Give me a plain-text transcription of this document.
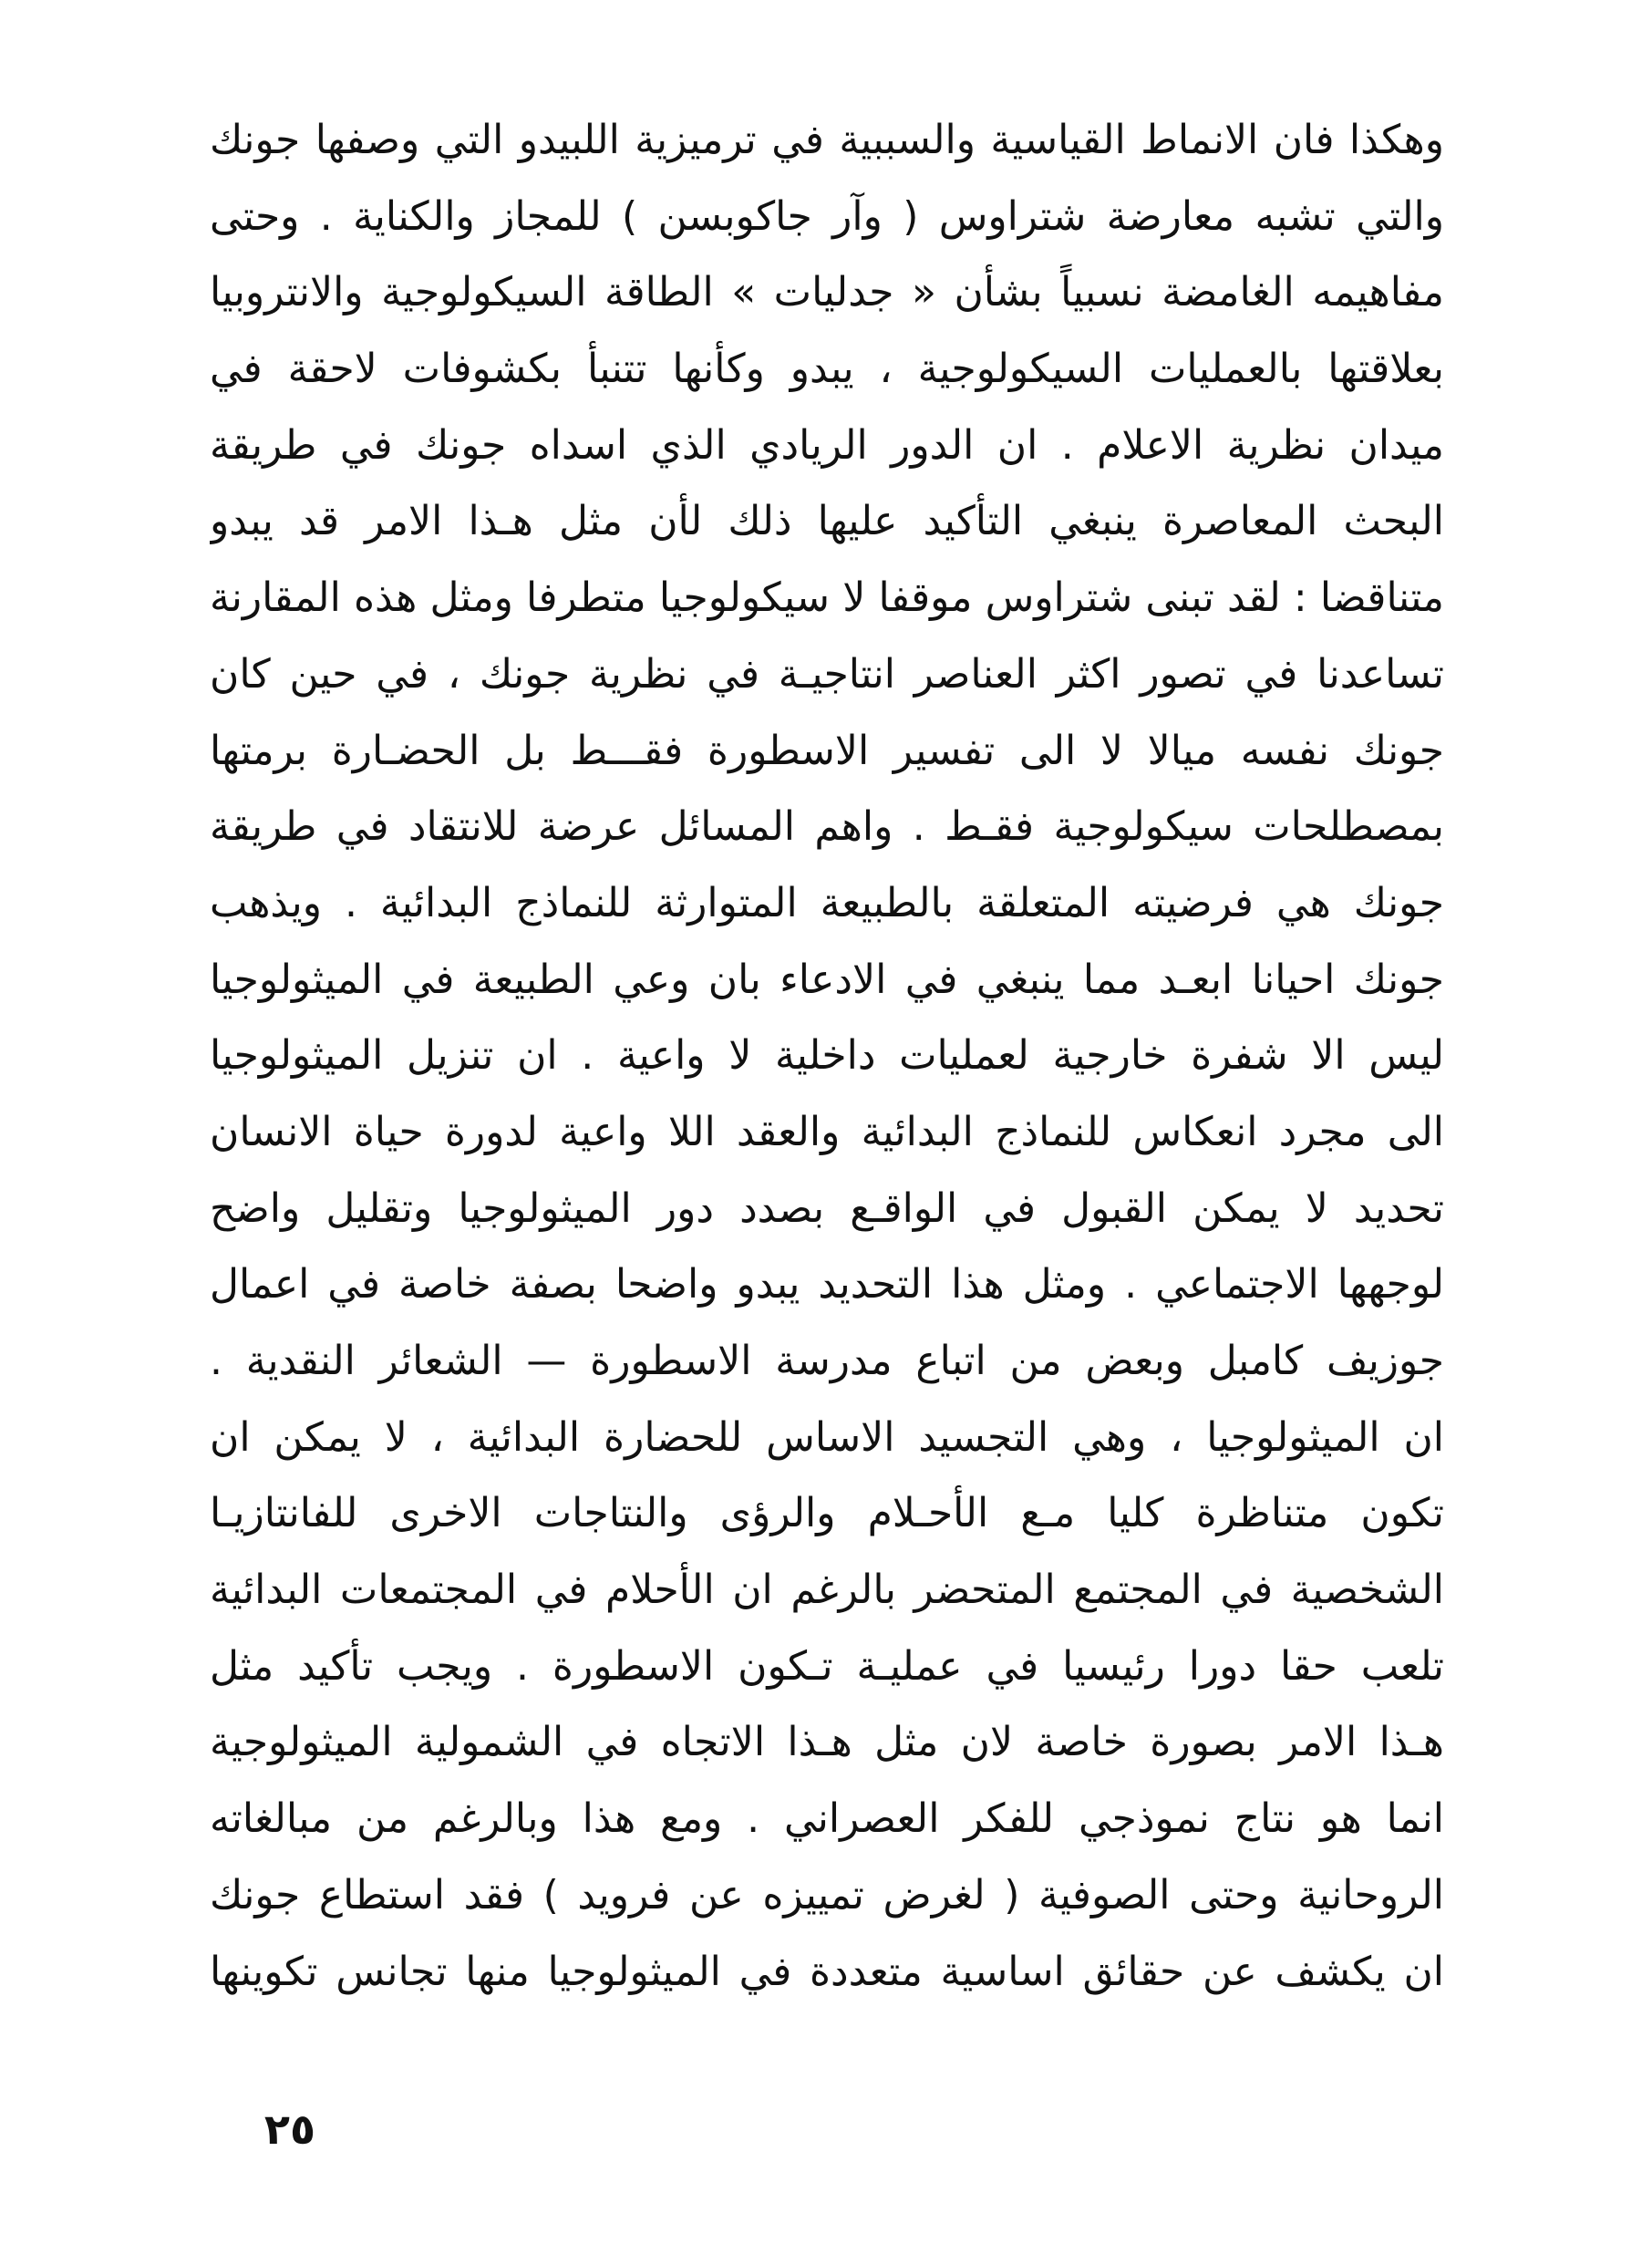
وهكذا فان الانماط القياسية والسببية في ترميزية اللبيدو التي وصفها جونك
والتي تشبه معارضة شتراوس ( وآر جاكوبسن ) للمجاز والكناية . وحتى
مفاهيمه الغامضة نسبياً بشأن « جدليات » الطاقة السيكولوجية والانتروبيا
بعلاقتها بالعمليات السيكولوجية ، يبدو وكأنها تتنبأ بكشوفات لاحقة في
ميدان نظرية الاعلام . ان الدور الريادي الذي اسداه جونك في طريقة
البحث المعاصرة ينبغي التأكيد عليها ذلك لأن مثل هـذا الامر قد يبدو
متناقضا : لقد تبنى شتراوس موقفا لا سيكولوجيا متطرفا ومثل هذه المقارنة
تساعدنا في تصور اكثر العناصر انتاجيـة في نظرية جونك ، في حين كان
جونك نفسه ميالا لا الى تفسير الاسطورة فقـــط بل الحضـارة برمتها
بمصطلحات سيكولوجية فقـط . واهم المسائل عرضة للانتقاد في طريقة
جونك هي فرضيته المتعلقة بالطبيعة المتوارثة للنماذج البدائية . ويذهب
جونك احيانا ابعـد مما ينبغي في الادعاء بان وعي الطبيعة في الميثولوجيا
ليس الا شفرة خارجية لعمليات داخلية لا واعية . ان تنزيل الميثولوجيا
الى مجرد انعكاس للنماذج البدائية والعقد اللا واعية لدورة حياة الانسان
تحديد لا يمكن القبول في الواقـع بصدد دور الميثولوجيا وتقليل واضح
لوجهها الاجتماعي . ومثل هذا التحديد يبدو واضحا بصفة خاصة في اعمال
جوزيف كامبل وبعض من اتباع مدرسة الاسطورة — الشعائر النقدية .
ان الميثولوجيا ، وهي التجسيد الاساس للحضارة البدائية ، لا يمكن ان
تكون متناظرة كليا مـع الأحـلام والرؤى والنتاجات الاخرى للفانتازيـا
الشخصية في المجتمع المتحضر بالرغم ان الأحلام في المجتمعات البدائية
تلعب حقا دورا رئيسيا في عمليـة تـكون الاسطورة . ويجب تأكيد مثل
هـذا الامر بصورة خاصة لان مثل هـذا الاتجاه في الشمولية الميثولوجية
انما هو نتاج نموذجي للفكر العصراني . ومع هذا وبالرغم من مبالغاته
الروحانية وحتى الصوفية ( لغرض تمييزه عن فرويد ) فقد استطاع جونك
ان يكشف عن حقائق اساسية متعددة في الميثولوجيا منها تجانس تكوينها
٢٥
